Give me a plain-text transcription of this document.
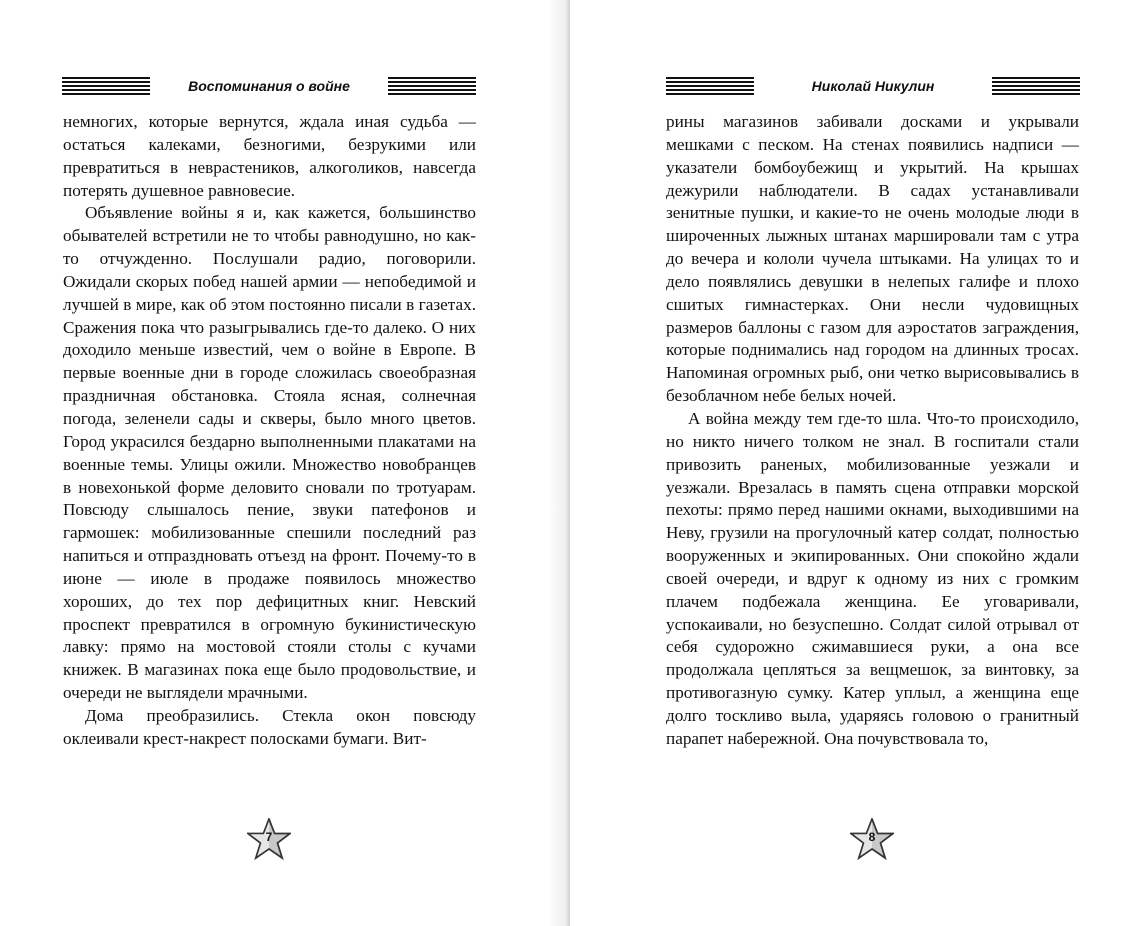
Воспоминания о войне

немногих, которые вернутся, ждала иная судьба — остаться калеками, безногими, безрукими или превратиться в неврастеников, алкоголиков, навсегда потерять душевное равновесие.

Объявление войны я и, как кажется, большинство обывателей встретили не то чтобы равнодушно, но как-то отчужденно. Послушали радио, поговорили. Ожидали скорых побед нашей армии — непобедимой и лучшей в мире, как об этом постоянно писали в газетах. Сражения пока что разыгрывались где-то далеко. О них доходило меньше известий, чем о войне в Европе. В первые военные дни в городе сложилась своеобразная праздничная обстановка. Стояла ясная, солнечная погода, зеленели сады и скверы, было много цветов. Город украсился бездарно выполненными плакатами на военные темы. Улицы ожили. Множество новобранцев в новехонькой форме деловито сновали по тротуарам. Повсюду слышалось пение, звуки патефонов и гармошек: мобилизованные спешили последний раз напиться и отпраздновать отъезд на фронт. Почему-то в июне — июле в продаже появилось множество хороших, до тех пор дефицитных книг. Невский проспект превратился в огромную букинистическую лавку: прямо на мостовой стояли столы с кучами книжек. В магазинах пока еще было продовольствие, и очереди не выглядели мрачными.

Дома преобразились. Стекла окон повсюду оклеивали крест-накрест полосками бумаги. Вит-

7
Николай Никулин

рины магазинов забивали досками и укрывали мешками с песком. На стенах появились надписи — указатели бомбоубежищ и укрытий. На крышах дежурили наблюдатели. В садах устанавливали зенитные пушки, и какие-то не очень молодые люди в широченных лыжных штанах маршировали там с утра до вечера и кололи чучела штыками. На улицах то и дело появлялись девушки в нелепых галифе и плохо сшитых гимнастерках. Они несли чудовищных размеров баллоны с газом для аэростатов заграждения, которые поднимались над городом на длинных тросах. Напоминая огромных рыб, они четко вырисовывались в безоблачном небе белых ночей.

А война между тем где-то шла. Что-то происходило, но никто ничего толком не знал. В госпитали стали привозить раненых, мобилизованные уезжали и уезжали. Врезалась в память сцена отправки морской пехоты: прямо перед нашими окнами, выходившими на Неву, грузили на прогулочный катер солдат, полностью вооруженных и экипированных. Они спокойно ждали своей очереди, и вдруг к одному из них с громким плачем подбежала женщина. Ее уговаривали, успокаивали, но безуспешно. Солдат силой отрывал от себя судорожно сжимавшиеся руки, а она все продолжала цепляться за вещмешок, за винтовку, за противогазную сумку. Катер уплыл, а женщина еще долго тоскливо выла, ударяясь головою о гранитный парапет набережной. Она почувствовала то,

8
